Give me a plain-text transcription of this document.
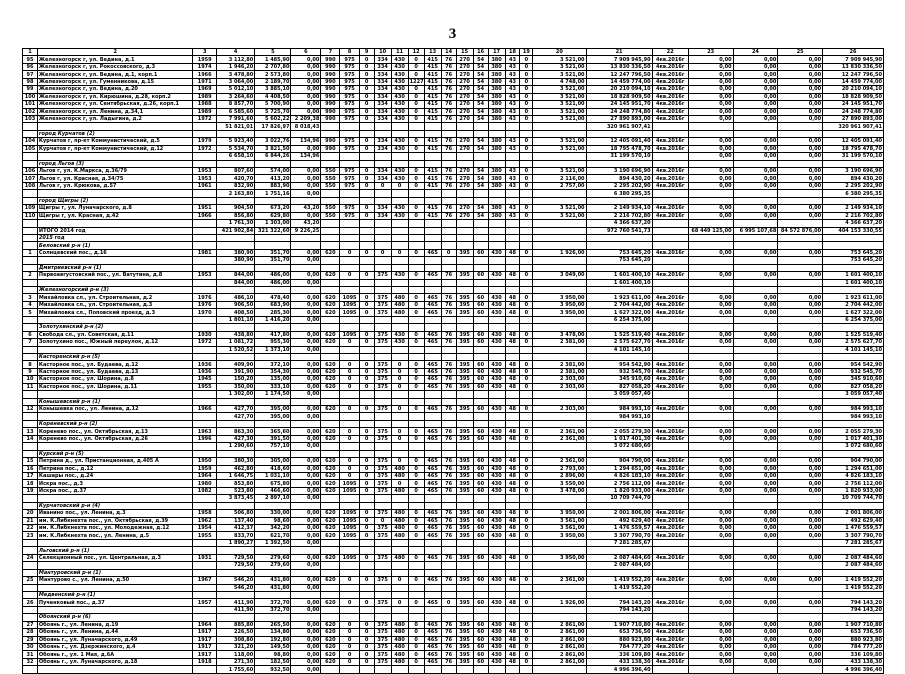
3
1	2	3	4	5	6	7	8	9	10	11	12	13	14	15	16	17	18	19	20	21	22	23	24	25	26
95	Железногорск г, ул. Ведина, д.1	1959	3 112,80	1 485,90	0,00	990	975	0	334	430	0	415	76	270	54	380	43	0	3 521,00	7 909 945,90	4кв.2016г	0,00	0,00	0,00	7 909 945,90
96	Железногорск г, ул. Рокоссовского, д.3	1974	1 946,20	2 707,80	0,00	990	975	0	334	430	0	415	76	270	54	380	43	0	3 521,00	13 830 336,50	4кв.2016г	0,00	0,00	0,00	13 830 336,50
97	Железногорск г, ул. Ведина, д.1, корп.1	1966	3 478,80	2 573,80	0,00	990	975	0	334	430	0	415	76	270	54	380	43	0	3 521,00	12 247 796,50	4кв.2016г	0,00	0,00	0,00	12 247 796,50
98	Железногорск г, ул. Гуменникова, д.15	1971	3 064,00	2 189,70	0,00	990	975	0	334	430	1227	415	76	270	54	380	43	0	4 748,00	14 459 774,00	4кв.2016г	0,00	0,00	0,00	14 459 774,00
99	Железногорск г, ул. Ведина, д.20	1969	5 012,10	3 885,10	0,00	990	975	0	334	430	0	415	76	270	54	380	43	0	3 521,00	20 210 094,10	4кв.2016г	0,00	0,00	0,00	20 210 094,10
100	Железногорск г, ул. Кирюшина, д.28, корп.2	1989	3 264,60	4 408,50	0,00	990	975	0	334	430	0	415	76	270	54	380	43	0	3 521,00	18 828 909,50	4кв.2016г	0,00	0,00	0,00	18 828 909,50
101	Железногорск г, ул. Сентябрьская, д.26, корп.1	1988	8 857,70	5 700,90	0,00	990	975	0	334	430	0	415	76	270	54	380	43	0	3 521,00	24 145 951,70	4кв.2016г	0,00	0,00	0,00	24 145 951,70
102	Железногорск г, ул. Ленина, д.34,1	1989	6 585,60	5 725,70	0,00	990	975	0	334	430	0	415	76	270	54	380	43	0	3 521,00	24 248 774,80	4кв.2016г	0,00	0,00	0,00	24 248 774,80
103	Железногорск г, ул. Ладыгина, д.2	1972	7 991,60	5 602,22	2 209,38	990	975	0	334	430	0	415	76	270	54	380	43	0	3 521,00	27 890 893,00	4кв.2016г	0,00	0,00	0,00	27 890 893,00
			51 821,01	17 826,97	8 018,43															320 961 907,41					320 961 907,41
	город Курчатов (2)																								
104	Курчатов г, пр-кт Коммунистический, д.5	1979	5 923,40	3 022,76	134,96	990	975	0	334	430	0	415	76	270	54	380	43	0	3 521,00	12 405 091,40	4кв.2016г	0,00	0,00	0,00	12 405 091,40
105	Курчатов г, пр-кт Коммунистический, д.12	1972	5 534,70	3 821,50	0,00	990	975	0	334	430	0	415	76	270	54	380	43	0	3 521,00	18 795 478,70	4кв.2016г	0,00	0,00	0,00	18 795 478,70
			6 658,10	6 844,26	134,96															31 199 570,10		0,00	0,00	0,00	31 199 570,10
	город Льгов (3)																								
106	Льгов г, ул. К.Маркса, д.36/79	1953	807,60	574,00	0,00	550	975	0	334	430	0	415	76	270	54	380	43	0	3 521,00	3 190 696,90	4кв.2016г	0,00	0,00	0,00	3 190 696,90
107	Льгов г, ул. Красная, д.34/75	1953	420,70	413,20	0,00	550	975	0	334	430	0	415	76	270	54	380	43	0	2 116,00	894 430,20	4кв.2016г	0,00	0,00	0,00	894 430,20
108	Льгов г, ул. Крюкова, д.57	1961	832,90	883,90	0,00	550	975	0	0	0	0	415	76	270	54	380	43	0	2 757,00	2 295 202,90	4кв.2016г	0,00	0,00	0,00	2 295 202,90
			2 163,80	1 751,16	0,00															6 380 295,35					6 380 295,35
	город Щигры (2)																								
109	Щигры г, ул. Луначарского, д.8	1951	904,50	673,20	43,20	550	975	0	334	430	0	415	76	270	54	380	43	0	3 521,00	2 149 934,10	4кв.2016г	0,00	0,00	0,00	2 149 934,10
110	Щигры г, ул. Красная, д.42	1966	856,80	629,80	0,00	550	975	0	334	430	0	415	76	270	54	380	43	0	3 521,00	2 216 702,80	4кв.2016г	0,00	0,00	0,00	2 216 702,80
			1 761,30	1 303,00	43,20															4 366 637,20					4 366 637,20
	ИТОГО 2014 год		421 902,84	321 322,60	9 226,25															972 760 541,73		68 449 125,00	6 995 107,68	84 572 876,00	404 153 330,55
	2015 год																								
	Беловский р-н (1)																								
1	Солнцевский пос., д.16	1981	380,90	351,70	0,00	620	0	0	0	0	0	465	0	395	60	430	48	0	1 926,00	753 645,20	4кв.2016г	0,00	0,00	0,00	753 645,20
			380,90	351,70	0,00															753 645,20					753 645,20
	Дмитриевский р-н (1)																								
2	Первоавгустовский пос., ул. Ватутина, д.8	1953	844,00	486,00	0,00	620	0	0	375	430	0	465	76	395	60	430	48	0	3 049,00	1 601 400,10	4кв.2016г	0,00	0,00	0,00	1 601 400,10
			844,00	486,00	0,00															1 601 400,10					1 601 400,10
	Железногорский р-н (3)																								
3	Михайловка сл., ул. Строительная, д.2	1976	486,10	478,40	0,00	620	1095	0	375	480	0	465	76	395	60	430	48	0	3 950,00	1 923 611,00	4кв.2016г	0,00	0,00	0,00	1 923 611,00
4	Михайловка сл., ул. Строительная, д.3	1976	906,50	683,90	0,00	620	1095	0	375	480	0	465	76	395	60	430	48	0	3 950,00	2 704 442,00	4кв.2016г	0,00	0,00	0,00	2 704 442,00
5	Михайловка сл., Поповский проезд, д.3	1970	408,50	285,30	0,00	620	1095	0	375	480	0	465	76	395	60	430	48	0	3 950,00	1 627 322,00	4кв.2016г	0,00	0,00	0,00	1 627 322,00
			1 801,10	1 416,20	0,00															6 254 375,00					6 254 375,00
	Золотухинский р-н (2)																								
6	Свобода сл., ул. Советская, д.11	1930	438,80	417,80	0,00	620	1095	0	375	430	0	465	76	395	60	430	48	0	3 478,00	1 525 519,40	4кв.2016г	0,00	0,00	0,00	1 525 519,40
7	Золотухино пос., Южный переулок, д.12	1972	1 081,72	955,30	0,00	620	0	0	375	430	0	465	76	395	60	430	48	0	2 381,00	2 575 627,70	4кв.2016г	0,00	0,00	0,00	2 575 627,70
			1 520,52	1 373,10	0,00															4 101 145,10					4 101 145,10
	Касторенский р-н (5)																								
8	Касторное пос., ул. Будаева, д.12	1936	409,90	372,10	0,00	620	0	0	375	0	0	465	76	395	60	430	48	0	2 381,00	954 542,90	4кв.2016г	0,00	0,00	0,00	954 542,90
9	Касторное пос., ул. Будаева, д.13	1936	391,90	354,30	0,00	620	0	0	375	0	0	465	76	395	60	430	48	0	2 381,00	932 545,70	4кв.2016г	0,00	0,00	0,00	932 545,70
10	Касторное пос., ул. Шорина, д.8	1945	150,20	135,00	0,00	620	0	0	375	0	0	465	76	395	60	430	48	0	2 303,00	345 910,60	4кв.2016г	0,00	0,00	0,00	345 910,60
11	Касторное пос., ул. Шорина, д.11	1955	350,00	333,10	0,00	620	0	0	375	0	0	465	76	395	60	430	48	0	2 303,00	827 058,20	4кв.2016г	0,00	0,00	0,00	827 058,20
			1 302,00	1 174,50	0,00															3 059 057,40					3 059 057,40
	Конышевский р-н (1)																								
12	Конышевка пос., ул. Ленина, д.12	1966	427,70	395,00	0,00	620	0	0	375	0	0	465	76	395	60	430	48	0	2 303,00	984 993,10	4кв.2016г	0,00	0,00	0,00	984 993,10
			427,70	395,00	0,00															984 993,10					984 993,10
	Кореневский р-н (2)																								
13	Коренево пос., ул. Октябрьская, д.13	1963	863,30	365,60	0,00	620	0	0	375	0	0	465	76	395	60	430	48	0	2 361,00	2 055 279,30	4кв.2016г	0,00	0,00	0,00	2 055 279,30
14	Коренево пос., ул. Октябрьская, д.26	1996	427,30	391,50	0,00	620	0	0	375	0	0	465	76	395	60	430	48	0	2 361,00	1 017 401,30	4кв.2016г	0,00	0,00	0,00	1 017 401,30
			1 290,60	757,10	0,00															3 072 680,60					3 072 680,60
	Курский р-н (5)																								
15	Петрина д., ул. Пристанционная, д.405 А	1950	380,30	305,00	0,00	620	0	0	375	0	0	465	76	395	60	430	48	0	2 361,00	904 790,00	4кв.2016г	0,00	0,00	0,00	904 790,00
16	Петрина пос., д.12	1959	462,80	418,60	0,00	620	0	0	375	480	0	465	76	395	60	430	48	0	2 793,00	1 294 651,00	4кв.2016г	0,00	0,00	0,00	1 294 651,00
17	Кашары пос., д.24	1964	1 646,75	1 031,10	0,00	620	0	0	375	480	0	465	76	395	60	430	48	0	2 896,00	4 826 183,10	4кв.2016г	0,00	0,00	0,00	4 826 183,10
18	Искра пос., д.3	1980	853,80	675,80	0,00	620	1095	0	375	0	0	465	76	395	60	430	48	0	3 550,00	2 756 112,00	4кв.2016г	0,00	0,00	0,00	2 756 112,00
19	Искра пос., д.37	1982	523,80	466,60	0,00	620	1095	0	375	480	0	465	76	395	60	430	48	0	3 478,00	1 820 933,00	4кв.2016г	0,00	0,00	0,00	1 820 933,00
			3 873,45	2 897,10	0,00															10 709 744,70					10 709 744,70
	Курчатовский р-н (4)																								
20	Иванино пос., ул. Ленина, д.3	1958	506,80	330,00	0,00	620	1095	0	375	480	0	465	76	395	60	430	48	0	3 950,00	2 001 806,00	4кв.2016г	0,00	0,00	0,00	2 001 806,00
21	им. К.Либкнехта пос., ул. Октябрьская, д.39	1962	137,40	98,60	0,00	620	1095	0	0	480	0	465	76	395	60	430	48	0	3 561,00	492 629,40	4кв.2016г	0,00	0,00	0,00	492 629,40
22	им. К.Либкнехта пос., ул. Молодежная, д.12	1954	412,37	342,20	0,00	620	1095	0	375	480	0	465	76	395	60	430	48	0	3 561,00	1 476 559,57	4кв.2016г	0,00	0,00	0,00	1 476 559,57
23	им. К.Либкнехта пос., ул. Ленина, д.5	1955	833,70	621,70	0,00	620	1095	0	375	480	0	465	76	395	60	430	48	0	3 950,00	3 307 790,70	4кв.2016г	0,00	0,00	0,00	3 307 790,70
			1 890,27	1 392,50	0,00															7 281 285,67					7 281 285,67
	Льговский р-н (1)																								
24	Селекционный пос., ул. Центральная, д.3	1931	729,50	279,60	0,00	620	1095	0	375	480	0	465	76	395	60	430	48	0	3 950,00	2 087 484,60	4кв.2016г	0,00	0,00	0,00	2 087 484,60
			729,50	279,60	0,00															2 087 484,60					2 087 484,60
	Мантуровский р-н (1)																								
25	Мантурово с., ул. Ленина, д.50	1967	546,20	431,80	0,00	620	0	0	375	0	0	465	76	395	60	430	48	0	2 361,00	1 419 552,20	4кв.2016г	0,00	0,00	0,00	1 419 552,20
			546,20	431,80	0,00															1 419 552,20					1 419 552,20
	Медвенский р-н (1)																								
26	Пученковый пос., д.37	1957	411,90	372,70	0,00	620	0	0	375	0	0	465	0	395	60	430	48	0	1 926,00	794 143,20	4кв.2016г	0,00	0,00	0,00	794 143,20
			411,90	372,70	0,00															794 143,20					794 143,20
	Обоянский р-н (6)																								
27	Обоянь г., ул. Ленина, д.19	1964	885,80	265,50	0,00	620	0	0	375	480	0	465	76	395	60	430	48	0	2 861,00	1 907 710,80	4кв.2016г	0,00	0,00	0,00	1 907 710,80
28	Обоянь г., ул. Ленина, д.44	1917	226,50	134,80	0,00	620	0	0	375	480	0	465	76	395	60	430	48	0	2 861,00	653 736,50	4кв.2016г	0,00	0,00	0,00	653 736,50
29	Обоянь г., ул. Луначарского, д.49	1917	308,80	192,80	0,00	620	0	0	375	480	0	465	76	395	60	430	48	0	2 861,00	880 923,80	4кв.2016г	0,00	0,00	0,00	880 923,80
30	Обоянь г., ул. Дзержинского, д.4	1917	321,20	149,50	0,00	620	0	0	375	480	0	465	76	395	60	430	48	0	2 861,00	784 777,20	4кв.2016г	0,00	0,00	0,00	784 777,20
31	Обоянь г., ул. 1 Мая, д.6А	1917	118,00	98,80	0,00	620	0	0	375	480	0	465	76	395	60	430	48	0	2 861,00	336 109,80	4кв.2016г	0,00	0,00	0,00	336 109,80
32	Обоянь г., ул. Луначарского, д.18	1918	271,30	182,50	0,00	620	0	0	375	480	0	465	76	395	60	430	48	0	2 861,00	433 138,30	4кв.2016г	0,00	0,00	0,00	433 138,30
			1 755,60	932,50	0,00															4 996 396,40					4 996 396,40
